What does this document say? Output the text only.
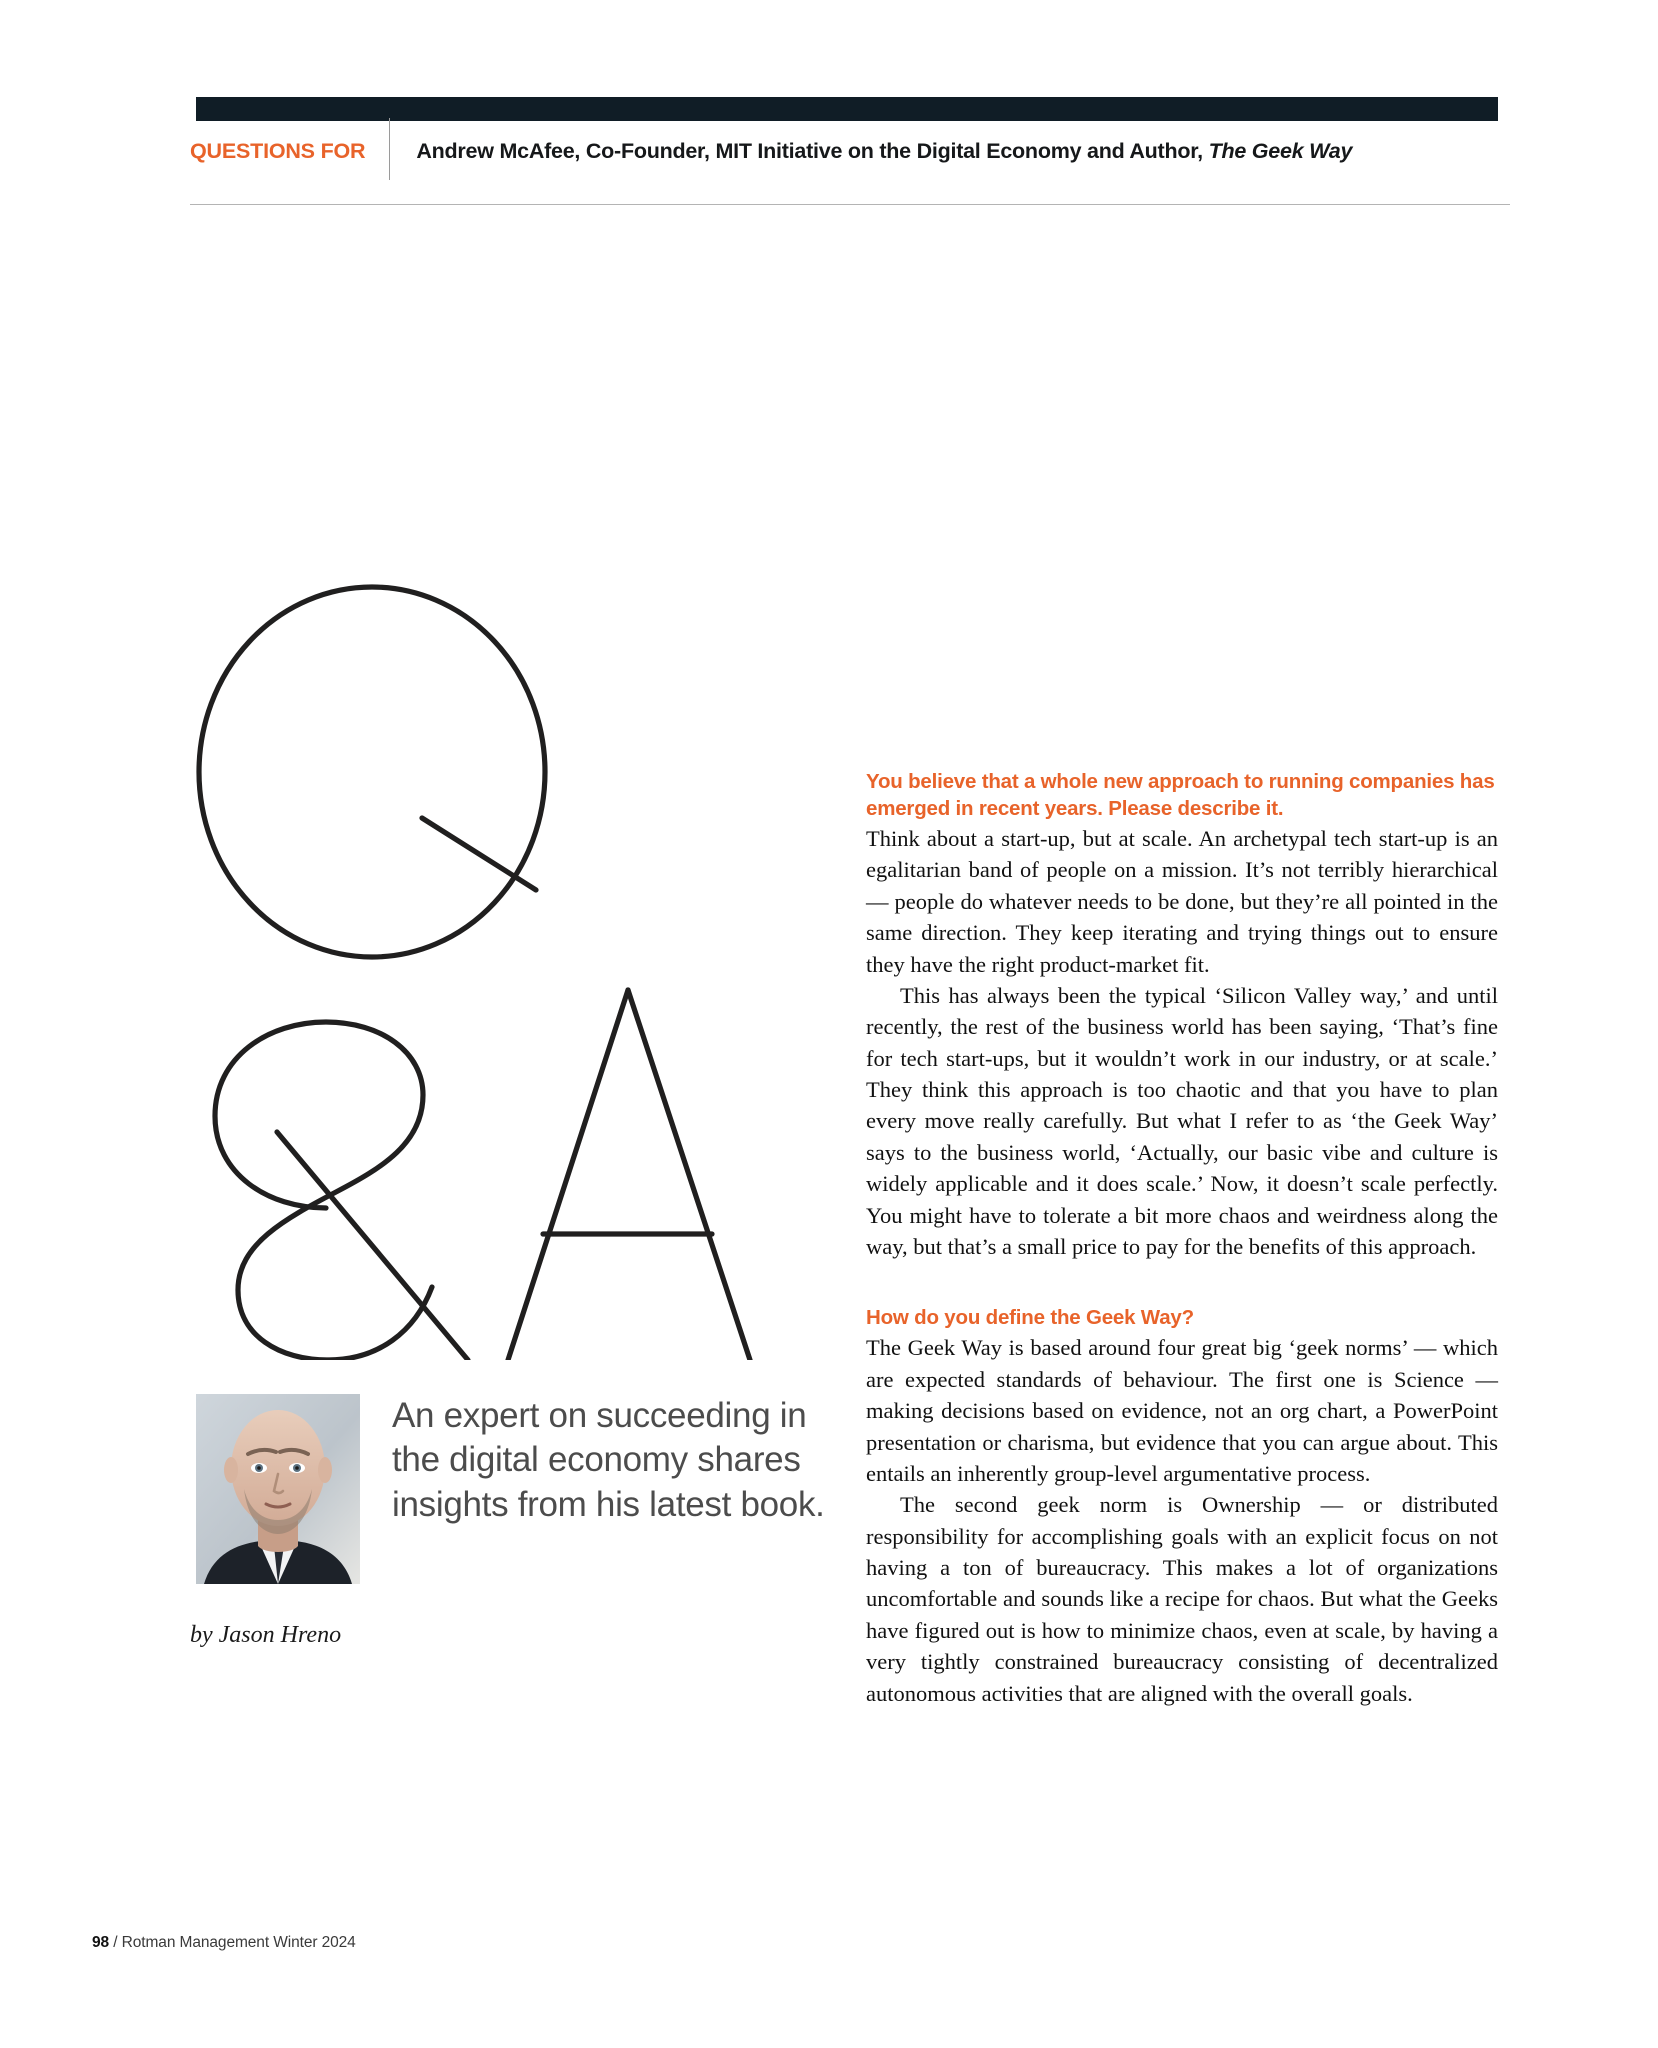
QUESTIONS FOR	Andrew McAfee, Co-Founder, MIT Initiative on the Digital Economy and Author, The Geek Way
An expert on succeeding in the digital economy shares insights from his latest book.
by Jason Hreno
You believe that a whole new approach to running companies has emerged in recent years. Please describe it.

Think about a start-up, but at scale. An archetypal tech start-up is an egalitarian band of people on a mission. It’s not terribly hierarchical — people do whatever needs to be done, but they’re all pointed in the same direction. They keep iterating and trying things out to ensure they have the right product-market fit.

This has always been the typical ‘Silicon Valley way,’ and until recently, the rest of the business world has been saying, ‘That’s fine for tech start-ups, but it wouldn’t work in our industry, or at scale.’ They think this approach is too chaotic and that you have to plan every move really carefully. But what I refer to as ‘the Geek Way’ says to the business world, ‘Actually, our basic vibe and culture is widely applicable and it does scale.’ Now, it doesn’t scale perfectly. You might have to tolerate a bit more chaos and weirdness along the way, but that’s a small price to pay for the benefits of this approach.

How do you define the Geek Way?

The Geek Way is based around four great big ‘geek norms’ — which are expected standards of behaviour. The first one is Science — making decisions based on evidence, not an org chart, a PowerPoint presentation or charisma, but evidence that you can argue about. This entails an inherently group-level argumentative process.

The second geek norm is Ownership — or distributed responsibility for accomplishing goals with an explicit focus on not having a ton of bureaucracy. This makes a lot of organizations uncomfortable and sounds like a recipe for chaos. But what the Geeks have figured out is how to minimize chaos, even at scale, by having a very tightly constrained bureaucracy consisting of decentralized autonomous activities that are aligned with the overall goals.

98 / Rotman Management Winter 2024
